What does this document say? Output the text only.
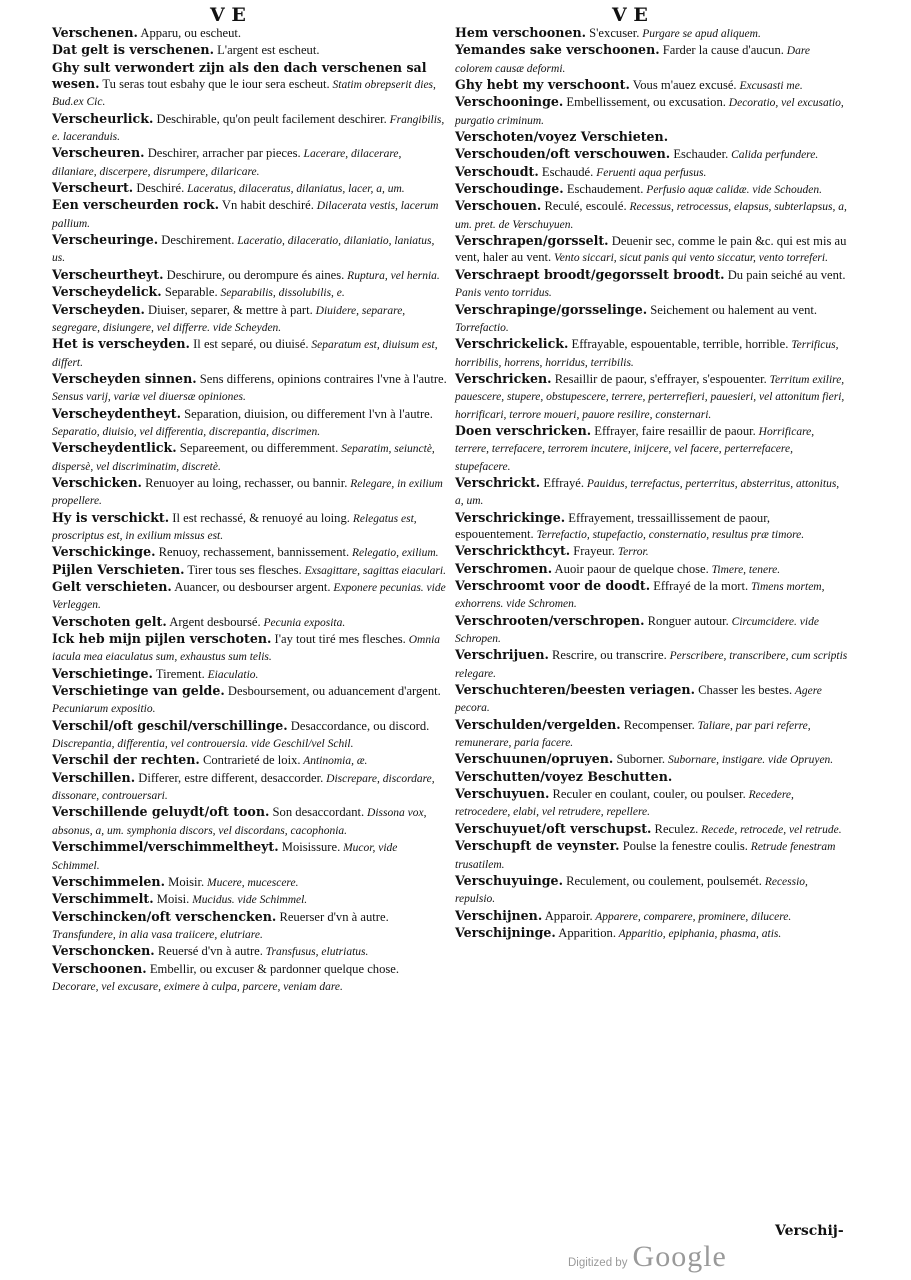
V E	V E

Verschenen. Apparu, ou escheut.

Dat gelt is verschenen. L'argent est escheut.

Ghy sult verwondert zijn als den dach verschenen sal wesen. Tu seras tout esbahy que le iour sera escheut. Statim obrepserit dies, Bud.ex Cic.

Verscheurlick. Deschirable, qu'on peult facilement deschirer. Frangibilis, e. laceranduis.

Verscheuren. Deschirer, arracher par pieces. Lacerare, dilacerare, dilaniare, discerpere, disrumpere, dilaricare.

Verscheurt. Deschiré. Laceratus, dilaceratus, dilaniatus, lacer, a, um.

Een verscheurden rock. Vn habit deschiré. Dilacerata vestis, lacerum pallium.

Verscheuringe. Deschirement. Laceratio, dilaceratio, dilaniatio, laniatus, us.

Verscheurtheyt. Deschirure, ou derompure és aines. Ruptura, vel hernia.

Verscheydelick. Separable. Separabilis, dissolubilis, e.

Verscheyden. Diuiser, separer, & mettre à part. Diuidere, separare, segregare, disiungere, vel differre. vide Scheyden.

Het is verscheyden. Il est separé, ou diuisé. Separatum est, diuisum est, differt.

Verscheyden sinnen. Sens differens, opinions contraires l'vne à l'autre. Sensus varij, variæ vel diuersæ opiniones.

Verscheydentheyt. Separation, diuision, ou differement l'vn à l'autre. Separatio, diuisio, vel differentia, discrepantia, discrimen.

Verscheydentlick. Separeement, ou differemment. Separatim, seiunctè, dispersè, vel discriminatim, discretè.

Verschicken. Renuoyer au loing, rechasser, ou bannir. Relegare, in exilium propellere.

Hy is verschickt. Il est rechassé, & renuoyé au loing. Relegatus est, proscriptus est, in exilium missus est.

Verschickinge. Renuoy, rechassement, bannissement. Relegatio, exilium.

Pijlen Verschieten. Tirer tous ses flesches. Exsagittare, sagittas eiaculari.

Gelt verschieten. Auancer, ou desbourser argent. Exponere pecunias. vide Verleggen.

Verschoten gelt. Argent desboursé. Pecunia exposita.

Ick heb mijn pijlen verschoten. I'ay tout tiré mes flesches. Omnia iacula mea eiaculatus sum, exhaustus sum telis.

Verschietinge. Tirement. Eiaculatio.

Verschietinge van gelde. Desboursement, ou aduancement d'argent. Pecuniarum expositio.

Verschil/oft geschil/verschillinge. Desaccordance, ou discord. Discrepantia, differentia, vel controuersia. vide Geschil/vel Schil.

Verschil der rechten. Contrarieté de loix. Antinomia, æ.

Verschillen. Differer, estre different, desaccorder. Discrepare, discordare, dissonare, controuersari.

Verschillende geluydt/oft toon. Son desaccordant. Dissona vox, absonus, a, um. symphonia discors, vel discordans, cacophonia.

Verschimmel/verschimmeltheyt. Moisissure. Mucor, vide Schimmel.

Verschimmelen. Moisir. Mucere, mucescere.

Verschimmelt. Moisi. Mucidus. vide Schimmel.

Verschincken/oft verschencken. Reuerser d'vn à autre. Transfundere, in alia vasa traiicere, elutriare.

Verschoncken. Reuersé d'vn à autre. Transfusus, elutriatus.

Verschoonen. Embellir, ou excuser & pardonner quelque chose. Decorare, vel excusare, eximere à culpa, parcere, veniam dare.

Hem verschoonen. S'excuser. Purgare se apud aliquem.

Yemandes sake verschoonen. Farder la cause d'aucun. Dare colorem causæ deformi.

Ghy hebt my verschoont. Vous m'auez excusé. Excusasti me.

Verschooninge. Embellissement, ou excusation. Decoratio, vel excusatio, purgatio criminum.

Verschoten/voyez Verschieten.

Verschouden/oft verschouwen. Eschauder. Calida perfundere.

Verschoudt. Eschaudé. Feruenti aqua perfusus.

Verschoudinge. Eschaudement. Perfusio aquæ calidæ. vide Schouden.

Verschouen. Reculé, escoulé. Recessus, retrocessus, elapsus, subterlapsus, a, um. pret. de Verschuyuen.

Verschrapen/gorsselt. Deuenir sec, comme le pain &c. qui est mis au vent, haler au vent. Vento siccari, sicut panis qui vento siccatur, vento torreferi.

Verschraept broodt/gegorsselt broodt. Du pain seiché au vent. Panis vento torridus.

Verschrapinge/gorsselinge. Seichement ou halement au vent. Torrefactio.

Verschrickelick. Effrayable, espouentable, terrible, horrible. Terrificus, horribilis, horrens, horridus, terribilis.

Verschricken. Resaillir de paour, s'effrayer, s'espouenter. Territum exilire, pauescere, stupere, obstupescere, terrere, perterrefieri, pauesieri, vel attonitum fieri, horrificari, terrore moueri, pauore resilire, consternari.

Doen verschricken. Effrayer, faire resaillir de paour. Horrificare, terrere, terrefacere, terrorem incutere, inijcere, vel facere, perterrefacere, stupefacere.

Verschrickt. Effrayé. Pauidus, terrefactus, perterritus, absterritus, attonitus, a, um.

Verschrickinge. Effrayement, tressaillissement de paour, espouentement. Terrefactio, stupefactio, consternatio, resultus præ timore.

Verschrickthcyt. Frayeur. Terror.

Verschromen. Auoir paour de quelque chose. Timere, tenere.

Verschroomt voor de doodt. Effrayé de la mort. Timens mortem, exhorrens. vide Schromen.

Verschrooten/verschropen. Ronguer autour. Circumcidere. vide Schropen.

Verschrijuen. Rescrire, ou transcrire. Perscribere, transcribere, cum scriptis relegare.

Verschuchteren/beesten veriagen. Chasser les bestes. Agere pecora.

Verschulden/vergelden. Recompenser. Taliare, par pari referre, remunerare, paria facere.

Verschuunen/opruyen. Suborner. Subornare, instigare. vide Opruyen.

Verschutten/voyez Beschutten.

Verschuyuen. Reculer en coulant, couler, ou poulser. Recedere, retrocedere, elabi, vel retrudere, repellere.

Verschuyuet/oft verschupst. Reculez. Recede, retrocede, vel retrude.

Verschupft de veynster. Poulse la fenestre coulis. Retrude fenestram trusatilem.

Verschuyuinge. Reculement, ou coulement, poulsemét. Recessio, repulsio.

Verschijnen. Apparoir. Apparere, comparere, prominere, dilucere.

Verschijninge. Apparition. Apparitio, epiphania, phasma, atis.

Verschij-
Digitized by Google
